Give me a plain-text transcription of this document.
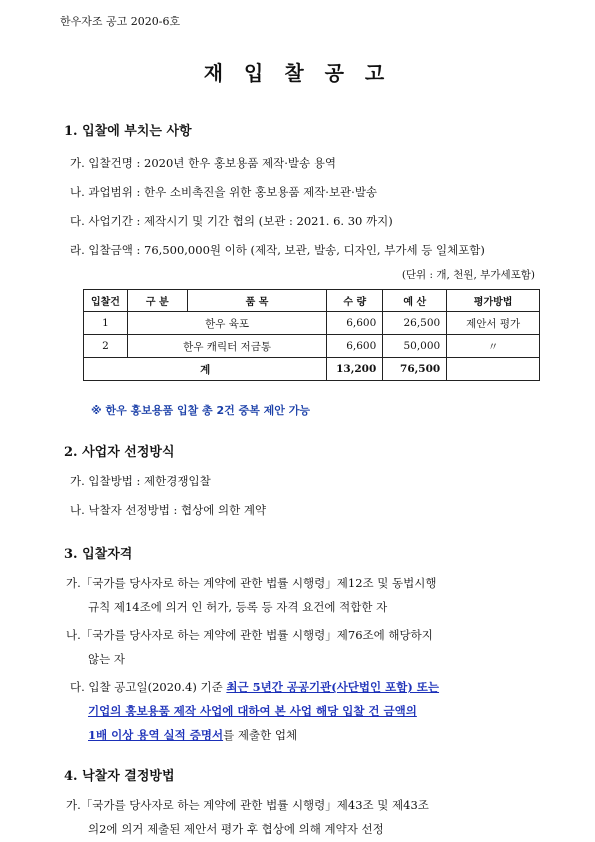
한우자조 공고 2020-6호
재 입 찰 공 고
1. 입찰에 부치는 사항
가. 입찰건명 : 2020년 한우 홍보용품 제작·발송 용역
나. 과업범위 : 한우 소비촉진을 위한 홍보용품 제작·보관·발송
다. 사업기간 : 제작시기 및 기간 협의 (보관 : 2021. 6. 30 까지)
라. 입찰금액 : 76,500,000원 이하 (제작, 보관, 발송, 디자인, 부가세 등 일체포함)
(단위 : 개, 천원, 부가세포함)
입찰건	구 분	품 목	수 량	예 산	평가방법
1	한우 육포		6,600	26,500	제안서 평가
2	한우 캐릭터 저금통		6,600	50,000	〃
계			13,200	76,500	
※ 한우 홍보용품 입찰 총 2건 중복 제안 가능
2. 사업자 선정방식
가. 입찰방법 : 제한경쟁입찰
나. 낙찰자 선정방법 : 협상에 의한 계약
3. 입찰자격
가.「국가를 당사자로 하는 계약에 관한 법률 시행령」제12조 및 동법시행
규칙 제14조에 의거 인 허가, 등록 등 자격 요건에 적합한 자
나.「국가를 당사자로 하는 계약에 관한 법률 시행령」제76조에 해당하지
않는 자
다. 입찰 공고일(2020.4) 기준 최근 5년간 공공기관(사단법인 포함) 또는
기업의 홍보용품 제작 사업에 대하여 본 사업 해당 입찰 건 금액의
1배 이상 용역 실적 증명서를 제출한 업체
4. 낙찰자 결정방법
가.「국가를 당사자로 하는 계약에 관한 법률 시행령」제43조 및 제43조
의2에 의거 제출된 제안서 평가 후 협상에 의해 계약자 선정
